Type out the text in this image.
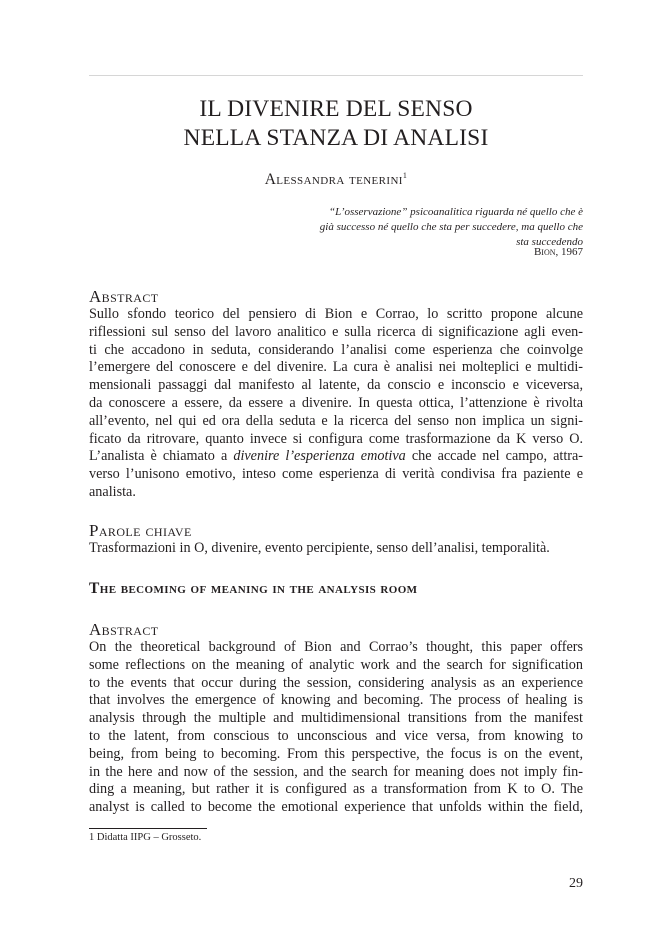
IL DIVENIRE DEL SENSO
NELLA STANZA DI ANALISI
Alessandra tenerini$^1$
“L’osservazione” psicoanalitica riguarda né quello che è
già successo né quello che sta per succedere, ma quello che
sta succedendo
Bion, 1967
Abstract
Sullo sfondo teorico del pensiero di Bion e Corrao, lo scritto propone alcune
riflessioni sul senso del lavoro analitico e sulla ricerca di significazione agli even-
ti che accadono in seduta, considerando l’analisi come esperienza che coinvolge
l’emergere del conoscere e del divenire. La cura è analisi nei molteplici e multidi-
mensionali passaggi dal manifesto al latente, da conscio e inconscio e viceversa,
da conoscere a essere, da essere a divenire. In questa ottica, l’attenzione è rivolta
all’evento, nel qui ed ora della seduta e la ricerca del senso non implica un signi-
ficato da ritrovare, quanto invece si configura come trasformazione da K verso O.
L’analista è chiamato a divenire l’esperienza emotiva che accade nel campo, attra-
verso l’unisono emotivo, inteso come esperienza di verità condivisa fra paziente e
analista.
Parole chiave
Trasformazioni in O, divenire, evento percipiente, senso dell’analisi, temporalità.
The becoming of meaning in the analysis room
Abstract
On the theoretical background of Bion and Corrao’s thought, this paper offers
some reflections on the meaning of analytic work and the search for signification
to the events that occur during the session, considering analysis as an experience
that involves the emergence of knowing and becoming. The process of healing is
analysis through the multiple and multidimensional transitions from the manifest
to the latent, from conscious to unconscious and vice versa, from knowing to
being, from being to becoming. From this perspective, the focus is on the event,
in the here and now of the session, and the search for meaning does not imply fin-
ding a meaning, but rather it is configured as a transformation from K to O. The
analyst is called to become the emotional experience that unfolds within the field,
1 Didatta IIPG – Grosseto.
29
